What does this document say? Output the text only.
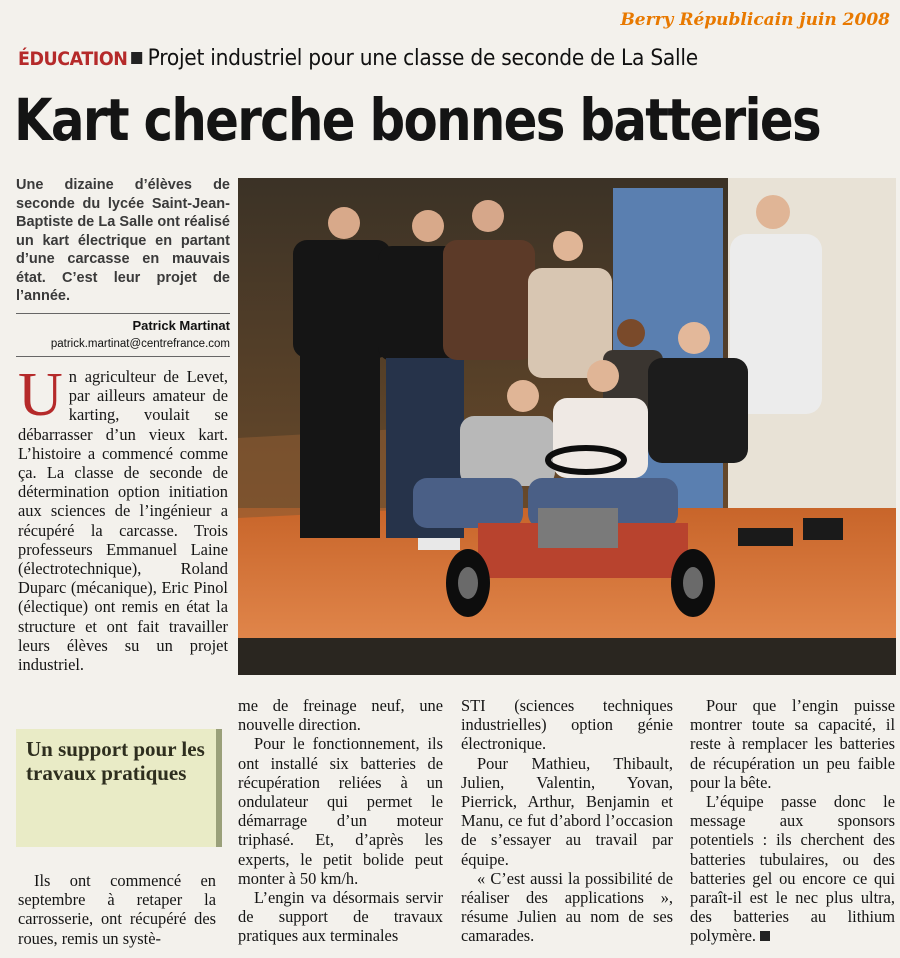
Berry Républicain juin 2008
ÉDUCATION Projet industriel pour une classe de seconde de La Salle
Kart cherche bonnes batteries
Une dizaine d’élèves de seconde du lycée Saint-Jean-Baptiste de La Salle ont réalisé un kart électrique en partant d’une carcasse en mauvais état. C’est leur projet de l’année.
Patrick Martinat
patrick.martinat@centrefrance.com
U n agriculteur de Levet, par ailleurs amateur de karting, voulait se débarrasser d’un vieux kart. L’histoire a commencé comme ça. La classe de seconde de détermination option initiation aux sciences de l’ingénieur a récupéré la carcasse. Trois professeurs Emmanuel Laine (électrotechnique), Roland Duparc (mécanique), Eric Pinol (électique) ont remis en état la structure et ont fait travailler leurs élèves su un projet industriel.

Un support pour les travaux pratiques

Ils ont commencé en septembre à retaper la carrosserie, ont récupéré des roues, remis un systè-

me de freinage neuf, une nouvelle direction.

Pour le fonctionnement, ils ont installé six batteries de récupération reliées à un ondulateur qui permet le démarrage d’un moteur triphasé. Et, d’après les experts, le petit bolide peut monter à 50 km/h.

L’engin va désormais servir de support de travaux pratiques aux terminales

STI (sciences techniques industrielles) option génie électronique.

Pour Mathieu, Thibault, Julien, Valentin, Yovan, Pierrick, Arthur, Benjamin et Manu, ce fut d’abord l’occasion de s’essayer au travail par équipe.

« C’est aussi la possibilité de réaliser des applications », résume Julien au nom de ses camarades.

Pour que l’engin puisse montrer toute sa capacité, il reste à remplacer les batteries de récupération un peu faible pour la bête.

L’équipe passe donc le message aux sponsors potentiels : ils cherchent des batteries tubulaires, ou des batteries gel ou encore ce qui paraît-il est le nec plus ultra, des batteries au lithium polymère.
